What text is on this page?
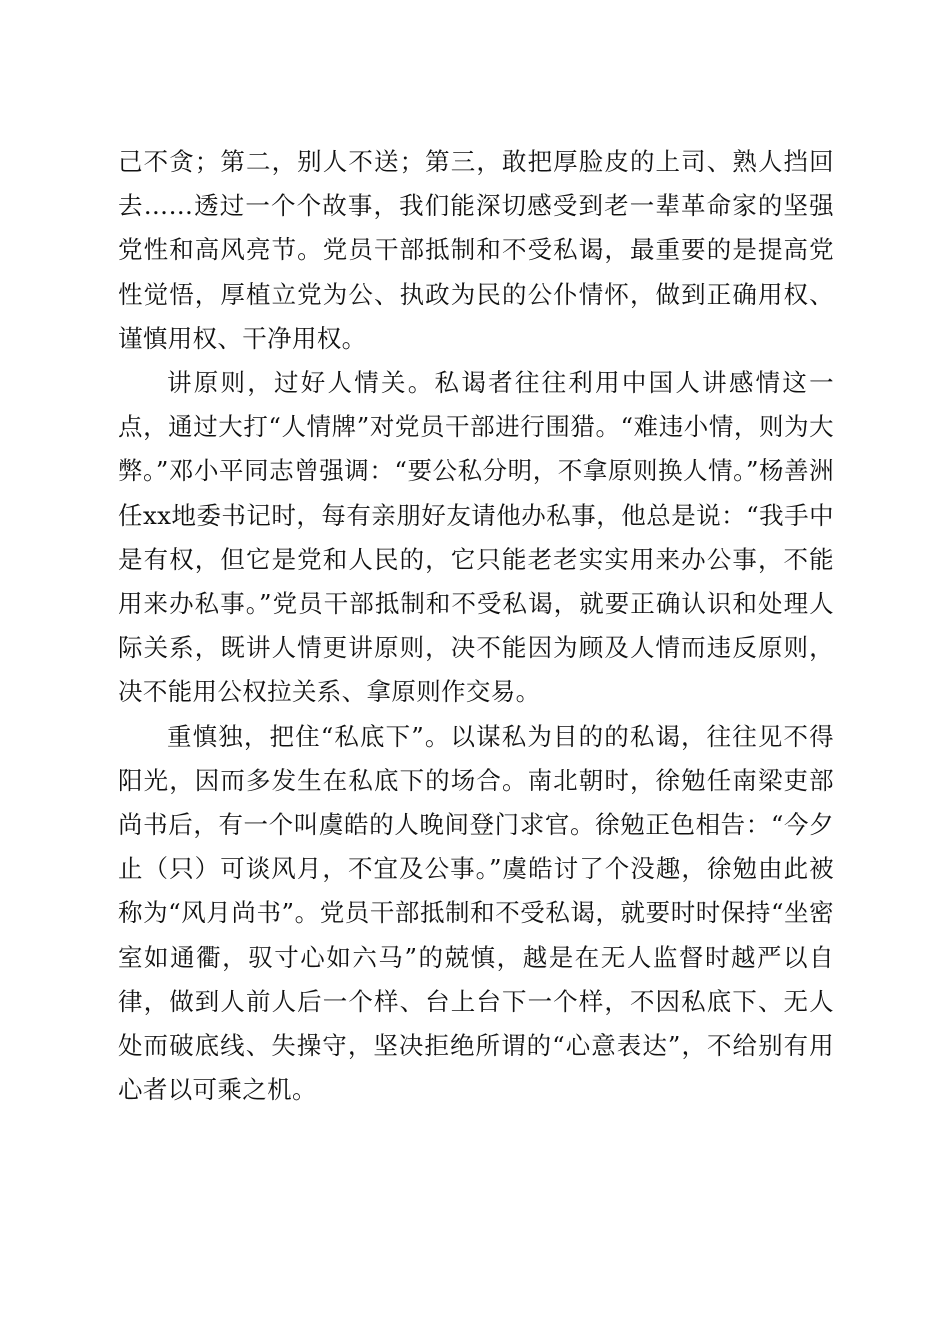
己不贪；第二，别人不送；第三，敢把厚脸皮的上司、熟人挡回去……透过一个个故事，我们能深切感受到老一辈革命家的坚强党性和高风亮节。党员干部抵制和不受私谒，最重要的是提高党性觉悟，厚植立党为公、执政为民的公仆情怀，做到正确用权、谨慎用权、干净用权。

讲原则，过好人情关。私谒者往往利用中国人讲感情这一点，通过大打“人情牌”对党员干部进行围猎。“难违小情，则为大弊。”邓小平同志曾强调：“要公私分明，不拿原则换人情。”杨善洲任xx地委书记时，每有亲朋好友请他办私事，他总是说：“我手中是有权，但它是党和人民的，它只能老老实实用来办公事，不能用来办私事。”党员干部抵制和不受私谒，就要正确认识和处理人际关系，既讲人情更讲原则，决不能因为顾及人情而违反原则，决不能用公权拉关系、拿原则作交易。

重慎独，把住“私底下”。以谋私为目的的私谒，往往见不得阳光，因而多发生在私底下的场合。南北朝时，徐勉任南梁吏部尚书后，有一个叫虞皓的人晚间登门求官。徐勉正色相告：“今夕止（只）可谈风月，不宜及公事。”虞皓讨了个没趣，徐勉由此被称为“风月尚书”。党员干部抵制和不受私谒，就要时时保持“坐密室如通衢，驭寸心如六马”的兢慎，越是在无人监督时越严以自律，做到人前人后一个样、台上台下一个样，不因私底下、无人处而破底线、失操守，坚决拒绝所谓的“心意表达”，不给别有用心者以可乘之机。
